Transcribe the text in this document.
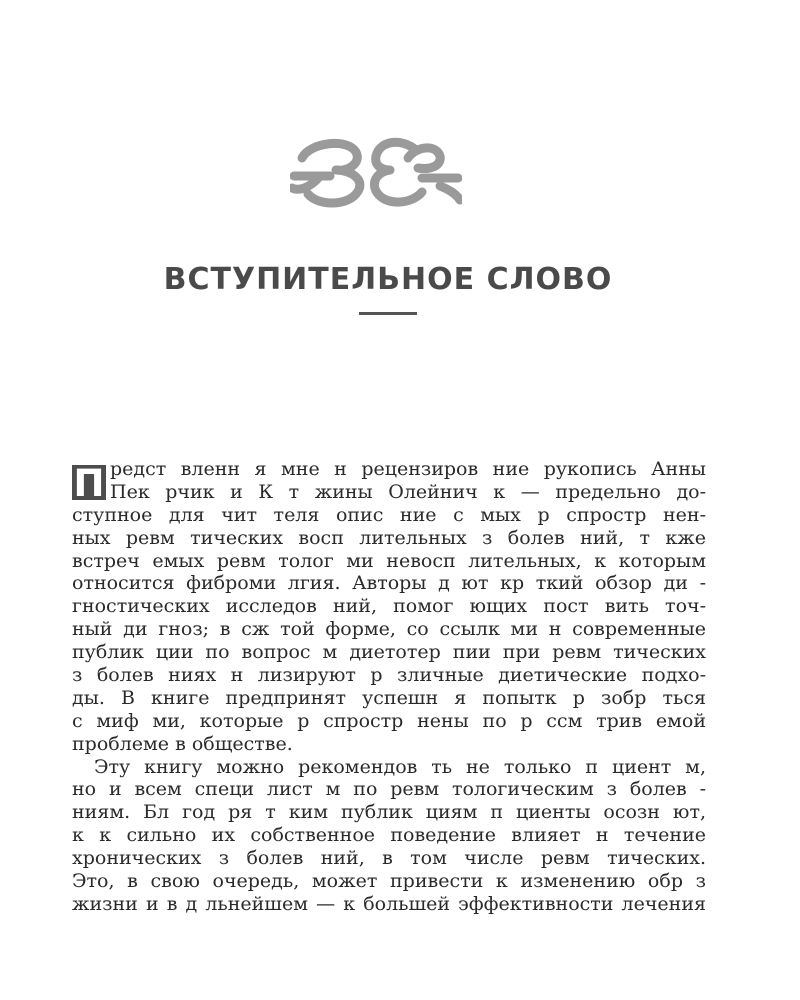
ВСТУПИТЕЛЬНОЕ СЛОВО
П редст вленн я мне н рецензиров ние рукопись Анны
Пек рчик и К т жины Олейнич к — предельно до-
ступное для чит теля опис ние с мых р спростр нен-
ных ревм тических восп лительных з болев ний, т кже
встреч емых ревм толог ми невосп лительных, к которым
относится фиброми лгия. Авторы д ют кр ткий обзор ди -
гностических исследов ний, помог ющих пост вить точ-
ный ди гноз; в сж той форме, со ссылк ми н современные
публик ции по вопрос м диетотер пии при ревм тических
з болев ниях н лизируют р зличные диетические подхо-
ды. В книге предпринят успешн я попытк р зобр ться
с миф ми, которые р спростр нены по р ссм трив емой
проблеме в обществе.
Эту книгу можно рекомендов ть не только п циент м,
но и всем специ лист м по ревм тологическим з болев -
ниям. Бл год ря т ким публик циям п циенты осозн ют,
к к сильно их собственное поведение влияет н течение
хронических з болев ний, в том числе ревм тических.
Это, в свою очередь, может привести к изменению обр з
жизни и в д льнейшем — к большей эффективности лечения
